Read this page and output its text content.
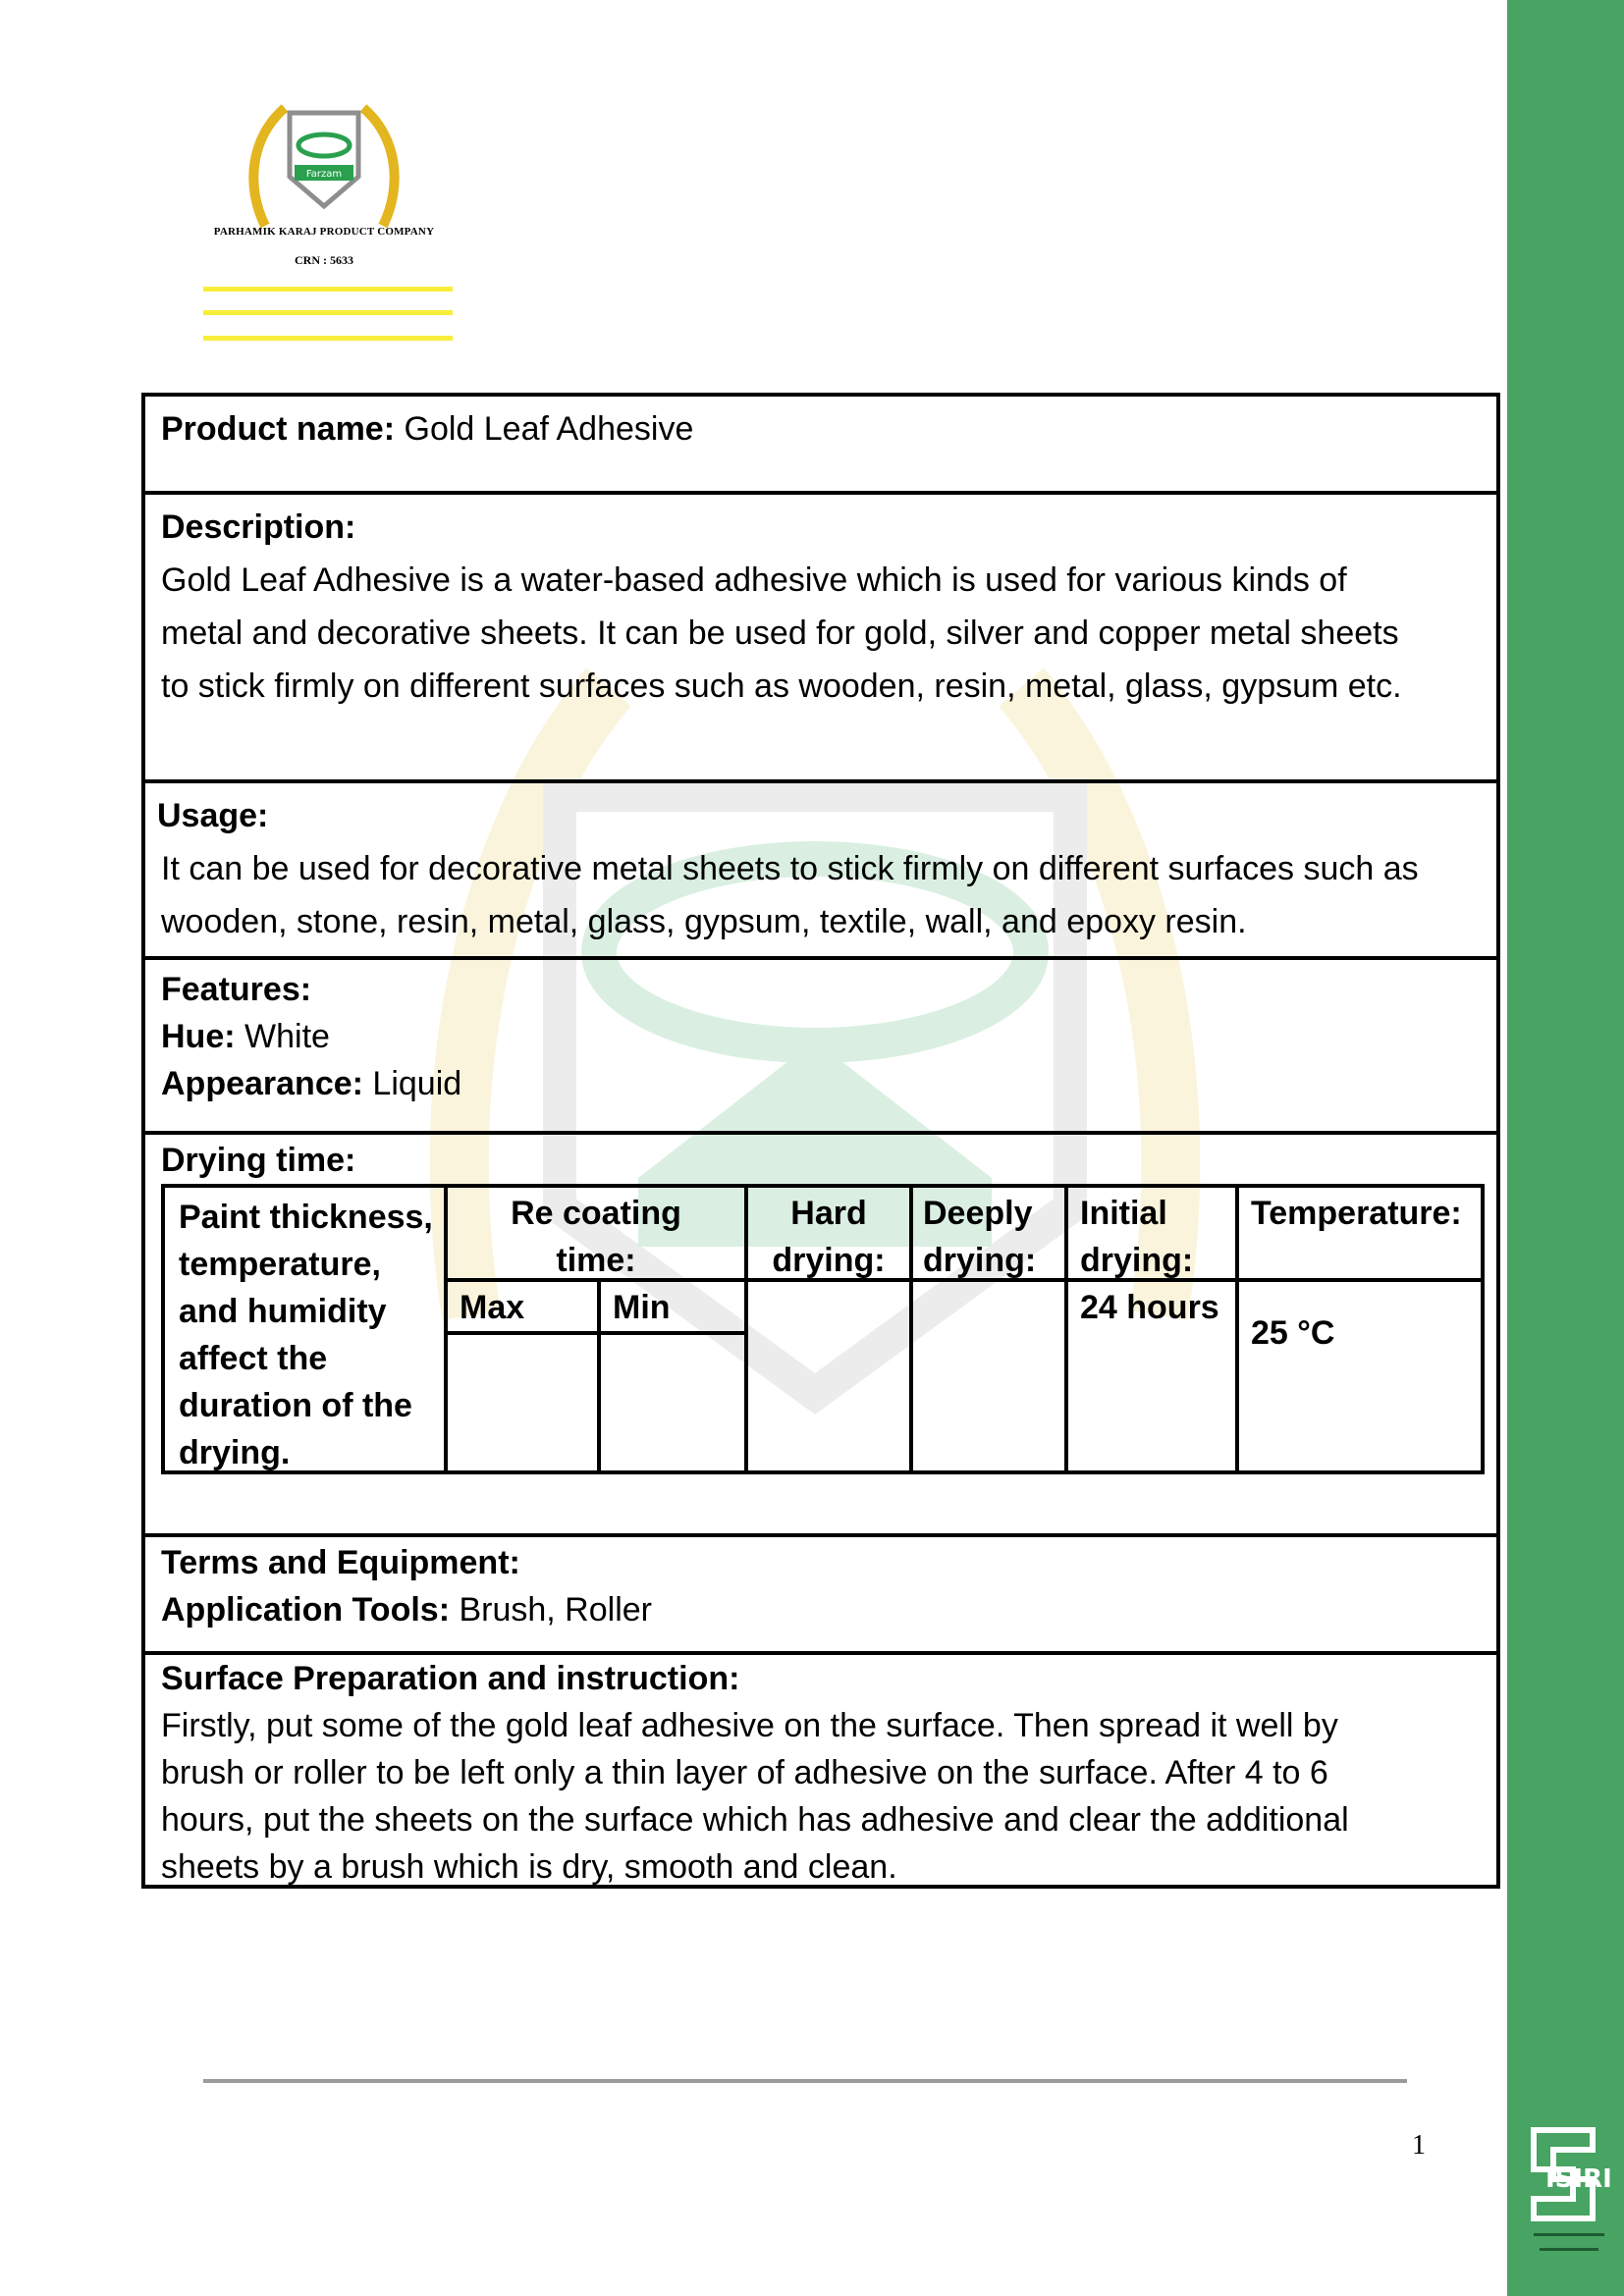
ISIRI
Farzam
PARHAMIK KARAJ PRODUCT COMPANY
CRN : 5633
Product name: Gold Leaf Adhesive
Description:
Gold Leaf Adhesive is a water-based adhesive which is used for various kinds of
metal and decorative sheets. It can be used for gold, silver and copper metal sheets
to stick firmly on different surfaces such as wooden, resin, metal, glass, gypsum etc.
Usage:
It can be used for decorative metal sheets to stick firmly on different surfaces such as
wooden, stone, resin, metal, glass, gypsum, textile, wall, and epoxy resin.
Features:
Hue: White
Appearance: Liquid
Drying time:
Paint thickness,
temperature,
and humidity
affect the
duration of the
drying.
Re coating
time:
Max	Min
Hard
drying:
Deeply
drying:
Initial
drying:
Temperature:
24 hours
25 °C
Terms and Equipment:
Application Tools: Brush, Roller
Surface Preparation and instruction:
Firstly, put some of the gold leaf adhesive on the surface. Then spread it well by
brush or roller to be left only a thin layer of adhesive on the surface. After 4 to 6
hours, put the sheets on the surface which has adhesive and clear the additional
sheets by a brush which is dry, smooth and clean.
1
